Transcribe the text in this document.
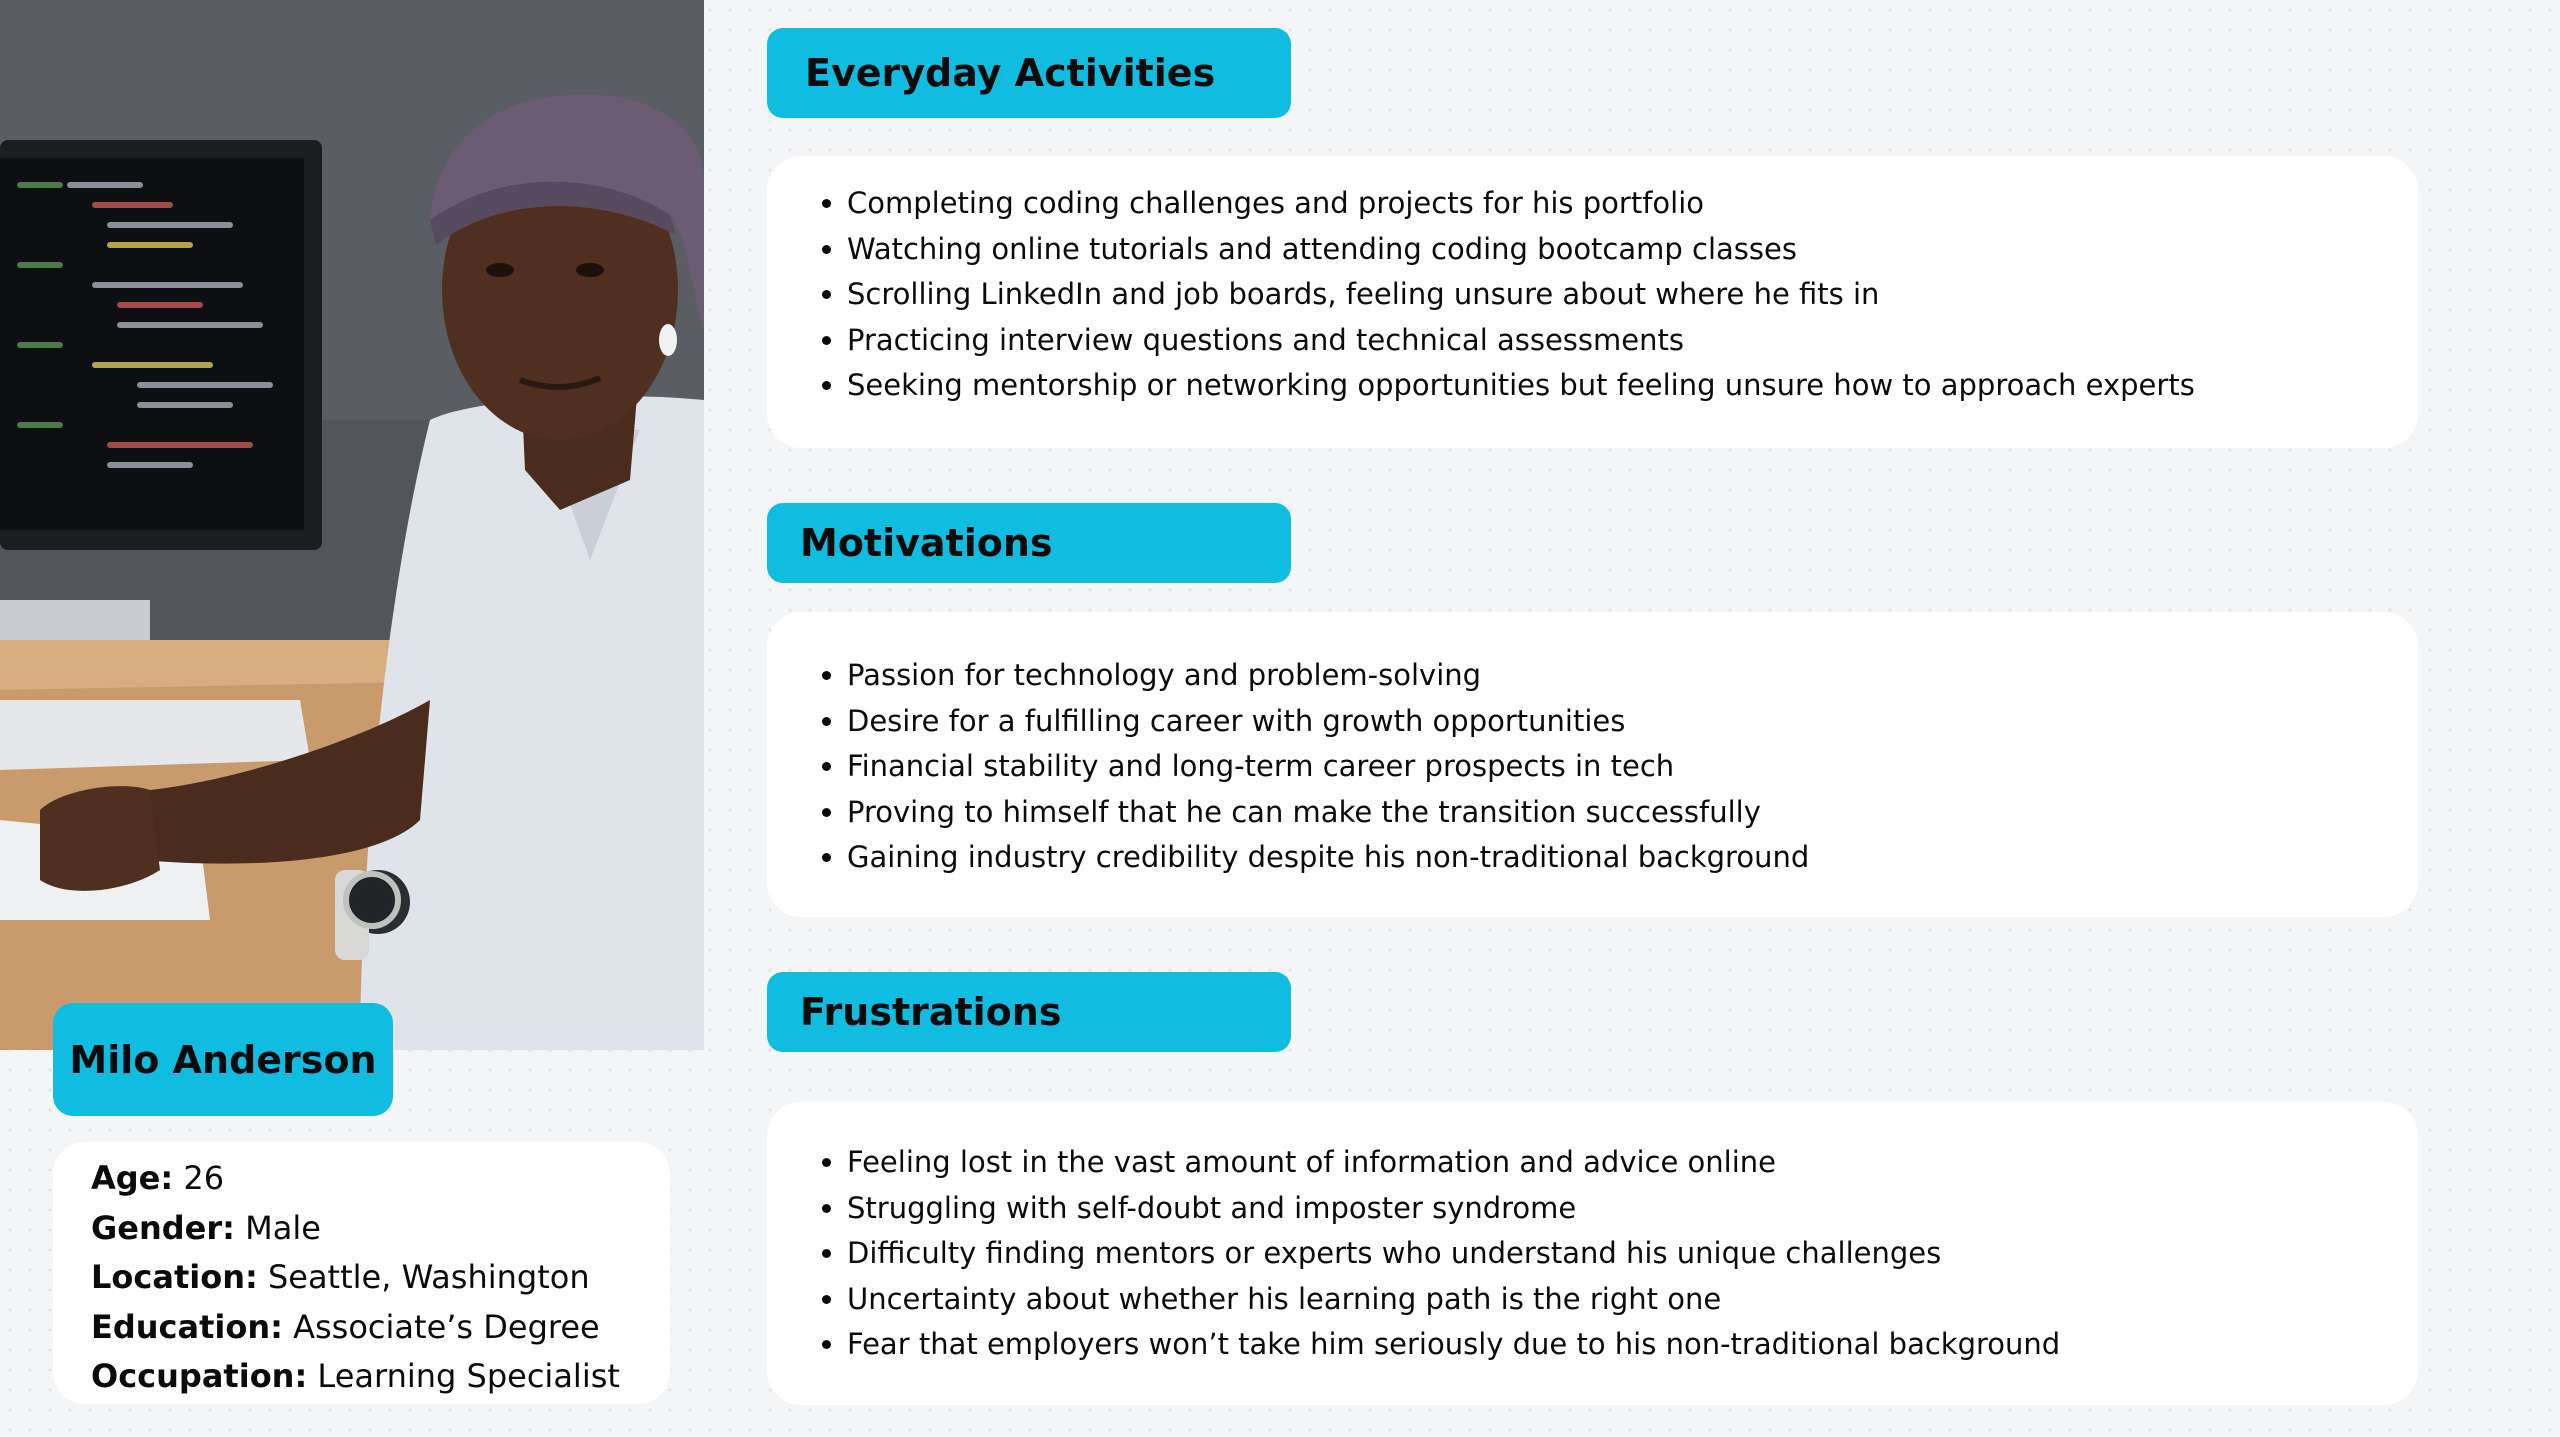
Milo Anderson
Age: 26
Gender: Male
Location: Seattle, Washington
Education: Associate’s Degree
Occupation: Learning Specialist
Everyday Activities
• Completing coding challenges and projects for his portfolio
• Watching online tutorials and attending coding bootcamp classes
• Scrolling LinkedIn and job boards, feeling unsure about where he fits in
• Practicing interview questions and technical assessments
• Seeking mentorship or networking opportunities but feeling unsure how to approach experts
Motivations
• Passion for technology and problem-solving
• Desire for a fulfilling career with growth opportunities
• Financial stability and long-term career prospects in tech
• Proving to himself that he can make the transition successfully
• Gaining industry credibility despite his non-traditional background
Frustrations
• Feeling lost in the vast amount of information and advice online
• Struggling with self-doubt and imposter syndrome
• Difficulty finding mentors or experts who understand his unique challenges
• Uncertainty about whether his learning path is the right one
• Fear that employers won’t take him seriously due to his non-traditional background
